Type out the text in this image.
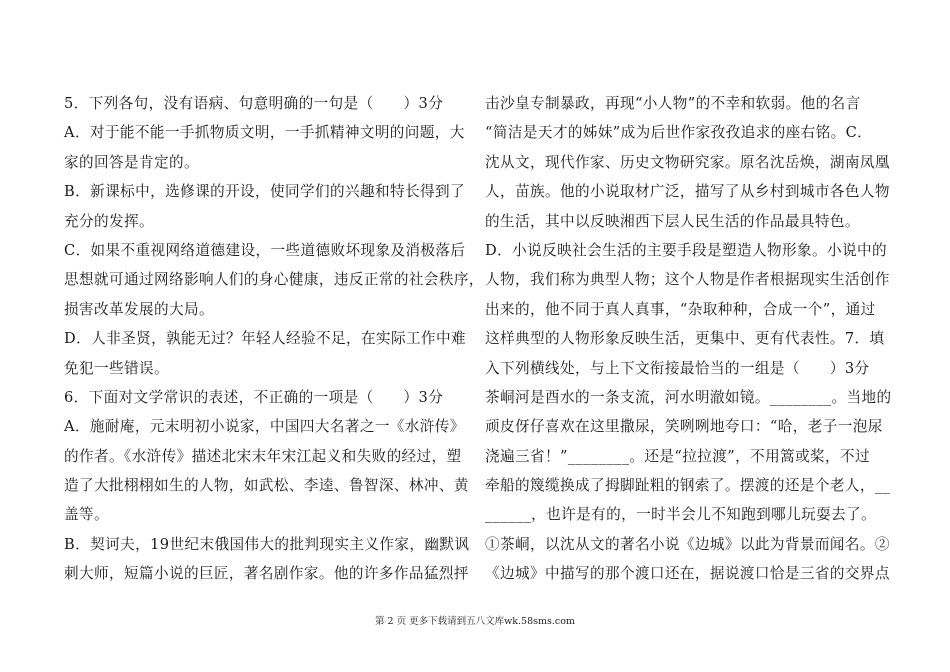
5．下列各句，没有语病、句意明确的一句是（　　）3分
A．对于能不能一手抓物质文明，一手抓精神文明的问题，大
家的回答是肯定的。
B．新课标中，选修课的开设，使同学们的兴趣和特长得到了
充分的发挥。
C．如果不重视网络道德建设，一些道德败坏现象及消极落后
思想就可通过网络影响人们的身心健康，违反正常的社会秩序，
损害改革发展的大局。
D．人非圣贤，孰能无过？年轻人经验不足，在实际工作中难
免犯一些错误。
6．下面对文学常识的表述，不正确的一项是（　　）3分
A．施耐庵，元末明初小说家，中国四大名著之一《水浒传》
的作者。《水浒传》描述北宋末年宋江起义和失败的经过，塑
造了大批栩栩如生的人物，如武松、李逵、鲁智深、林冲、黄
盖等。
B．契诃夫，19世纪末俄国伟大的批判现实主义作家，幽默讽
刺大师，短篇小说的巨匠，著名剧作家。他的许多作品猛烈抨
击沙皇专制暴政，再现“小人物”的不幸和软弱。他的名言
“简洁是天才的姊妹”成为后世作家孜孜追求的座右铭。C．
沈从文，现代作家、历史文物研究家。原名沈岳焕，湖南凤凰
人，苗族。他的小说取材广泛，描写了从乡村到城市各色人物
的生活，其中以反映湘西下层人民生活的作品最具特色。
D．小说反映社会生活的主要手段是塑造人物形象。小说中的
人物，我们称为典型人物；这个人物是作者根据现实生活创作
出来的，他不同于真人真事，“杂取种种，合成一个”，通过
这样典型的人物形象反映生活，更集中、更有代表性。7．填
入下列横线处，与上下文衔接最恰当的一组是（　　）3分
茶峒河是酉水的一条支流，河水明澈如镜。________。当地的
顽皮伢仔喜欢在这里撒尿，笑咧咧地夸口：“哈，老子一泡尿
浇遍三省！”________。还是“拉拉渡”，不用篙或桨，不过
牵船的篾缆换成了拇脚趾粗的钢索了。摆渡的还是个老人，__
______，也许是有的，一时半会儿不知跑到哪儿玩耍去了。
①茶峒，以沈从文的著名小说《边城》以此为背景而闻名。②
《边城》中描写的那个渡口还在，据说渡口恰是三省的交界点
第 2 页 更多下载请到五八文库wk.58sms.com
